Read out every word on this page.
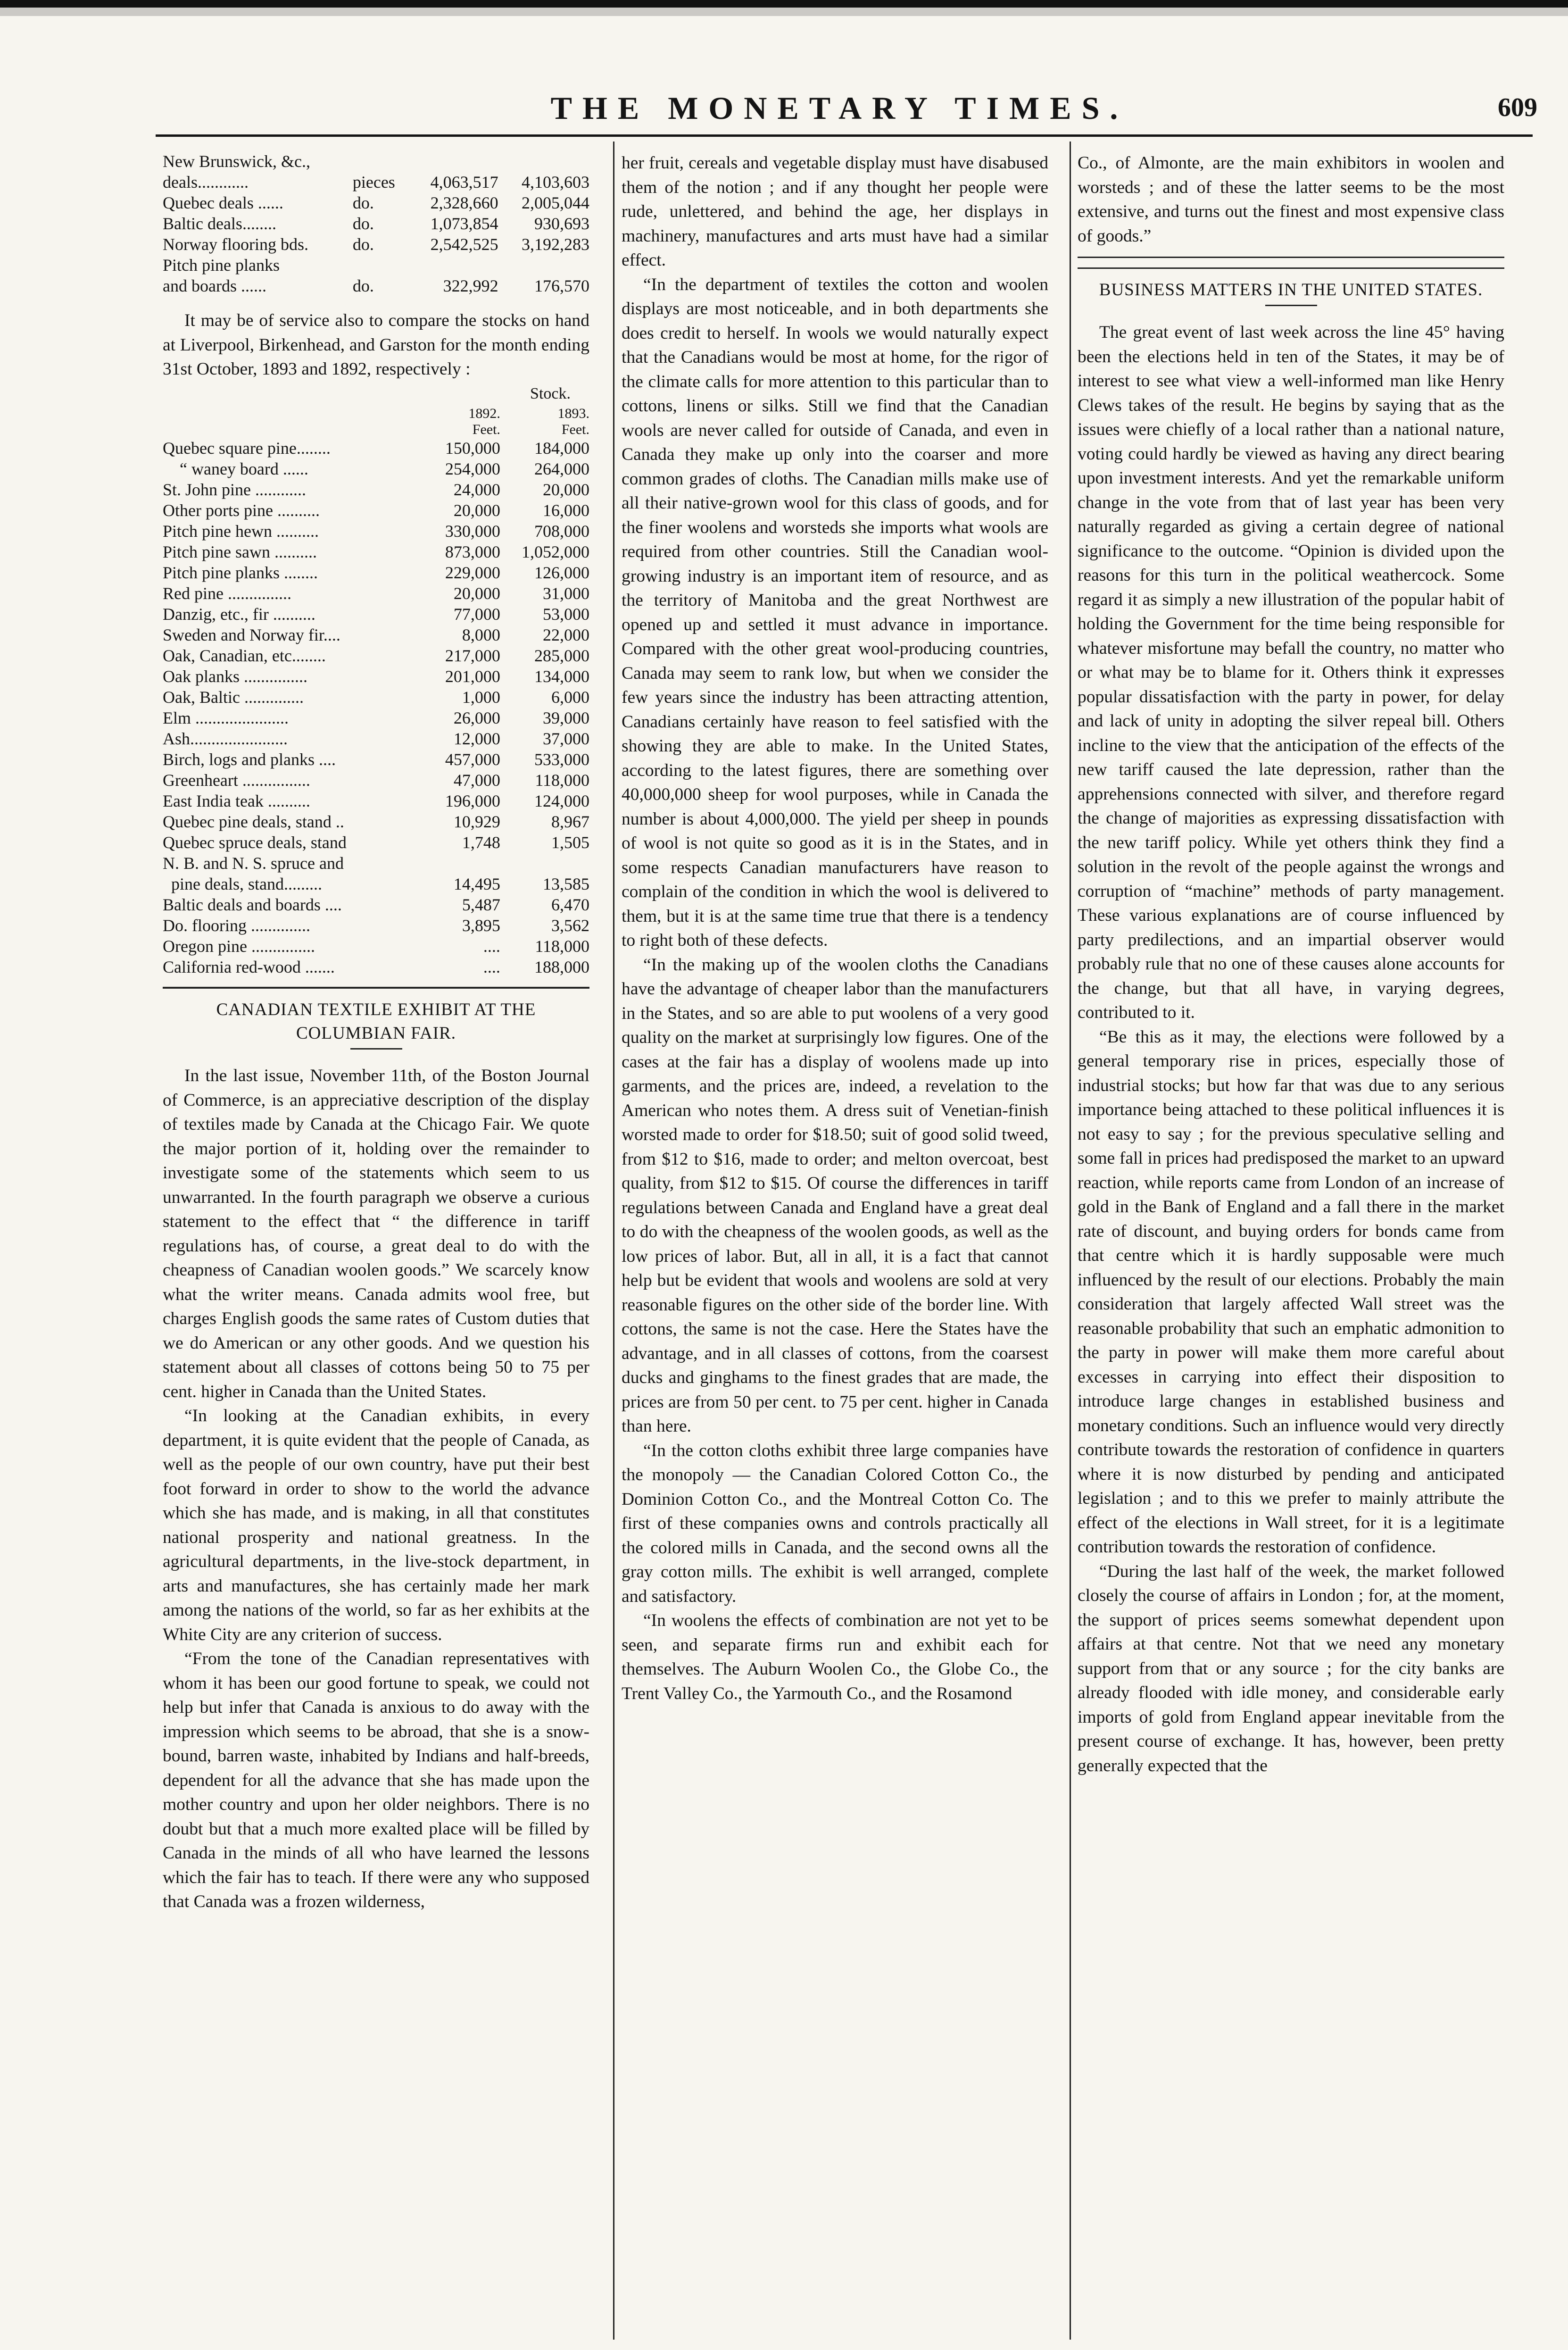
THE MONETARY TIMES.	609
New Brunswick, &c.,			
deals............	pieces	4,063,517	4,103,603
Quebec deals ......	do.	2,328,660	2,005,044
Baltic deals........	do.	1,073,854	930,693
Norway flooring bds.	do.	2,542,525	3,192,283
Pitch pine planks			
and boards ......	do.	322,992	176,570

It may be of service also to compare the stocks on hand at Liverpool, Birkenhead, and Garston for the month ending 31st October, 1893 and 1892, respectively :

Stock.
	1892.	1893.
	Feet.	Feet.
Quebec square pine........	150,000	184,000
“ waney board ......	254,000	264,000
St. John pine ............	24,000	20,000
Other ports pine ..........	20,000	16,000
Pitch pine hewn ..........	330,000	708,000
Pitch pine sawn ..........	873,000	1,052,000
Pitch pine planks ........	229,000	126,000
Red pine ...............	20,000	31,000
Danzig, etc., fir ..........	77,000	53,000
Sweden and Norway fir....	8,000	22,000
Oak, Canadian, etc........	217,000	285,000
Oak planks ...............	201,000	134,000
Oak, Baltic ..............	1,000	6,000
Elm ......................	26,000	39,000
Ash.......................	12,000	37,000
Birch, logs and planks ....	457,000	533,000
Greenheart ................	47,000	118,000
East India teak ..........	196,000	124,000
Quebec pine deals, stand ..	10,929	8,967
Quebec spruce deals, stand	1,748	1,505
N. B. and N. S. spruce and		
pine deals, stand.........	14,495	13,585
Baltic deals and boards ....	5,487	6,470
Do. flooring ..............	3,895	3,562
Oregon pine ...............	....	118,000
California red-wood .......	....	188,000
CANADIAN TEXTILE EXHIBIT AT THE COLUMBIAN FAIR.

In the last issue, November 11th, of the Boston Journal of Commerce, is an appreciative description of the display of textiles made by Canada at the Chicago Fair. We quote the major portion of it, holding over the remainder to investigate some of the statements which seem to us unwarranted. In the fourth paragraph we observe a curious statement to the effect that “ the difference in tariff regulations has, of course, a great deal to do with the cheapness of Canadian woolen goods.” We scarcely know what the writer means. Canada admits wool free, but charges English goods the same rates of Custom duties that we do American or any other goods. And we question his statement about all classes of cottons being 50 to 75 per cent. higher in Canada than the United States.

“In looking at the Canadian exhibits, in every department, it is quite evident that the people of Canada, as well as the people of our own country, have put their best foot forward in order to show to the world the advance which she has made, and is making, in all that constitutes national prosperity and national greatness. In the agricultural departments, in the live-stock department, in arts and manufactures, she has certainly made her mark among the nations of the world, so far as her exhibits at the White City are any criterion of success.

“From the tone of the Canadian representatives with whom it has been our good fortune to speak, we could not help but infer that Canada is anxious to do away with the impression which seems to be abroad, that she is a snow-bound, barren waste, inhabited by Indians and half-breeds, dependent for all the advance that she has made upon the mother country and upon her older neighbors. There is no doubt but that a much more exalted place will be filled by Canada in the minds of all who have learned the lessons which the fair has to teach. If there were any who supposed that Canada was a frozen wilderness,

her fruit, cereals and vegetable display must have disabused them of the notion ; and if any thought her people were rude, unlettered, and behind the age, her displays in machinery, manufactures and arts must have had a similar effect.

“In the department of textiles the cotton and woolen displays are most noticeable, and in both departments she does credit to herself. In wools we would naturally expect that the Canadians would be most at home, for the rigor of the climate calls for more attention to this particular than to cottons, linens or silks. Still we find that the Canadian wools are never called for outside of Canada, and even in Canada they make up only into the coarser and more common grades of cloths. The Canadian mills make use of all their native-grown wool for this class of goods, and for the finer woolens and worsteds she imports what wools are required from other countries. Still the Canadian wool-growing industry is an important item of resource, and as the territory of Manitoba and the great Northwest are opened up and settled it must advance in importance. Compared with the other great wool-producing countries, Canada may seem to rank low, but when we consider the few years since the industry has been attracting attention, Canadians certainly have reason to feel satisfied with the showing they are able to make. In the United States, according to the latest figures, there are something over 40,000,000 sheep for wool purposes, while in Canada the number is about 4,000,000. The yield per sheep in pounds of wool is not quite so good as it is in the States, and in some respects Canadian manufacturers have reason to complain of the condition in which the wool is delivered to them, but it is at the same time true that there is a tendency to right both of these defects.

“In the making up of the woolen cloths the Canadians have the advantage of cheaper labor than the manufacturers in the States, and so are able to put woolens of a very good quality on the market at surprisingly low figures. One of the cases at the fair has a display of woolens made up into garments, and the prices are, indeed, a revelation to the American who notes them. A dress suit of Venetian-finish worsted made to order for $18.50; suit of good solid tweed, from $12 to $16, made to order; and melton overcoat, best quality, from $12 to $15. Of course the differences in tariff regulations between Canada and England have a great deal to do with the cheapness of the woolen goods, as well as the low prices of labor. But, all in all, it is a fact that cannot help but be evident that wools and woolens are sold at very reasonable figures on the other side of the border line. With cottons, the same is not the case. Here the States have the advantage, and in all classes of cottons, from the coarsest ducks and ginghams to the finest grades that are made, the prices are from 50 per cent. to 75 per cent. higher in Canada than here.

“In the cotton cloths exhibit three large companies have the monopoly — the Canadian Colored Cotton Co., the Dominion Cotton Co., and the Montreal Cotton Co. The first of these companies owns and controls practically all the colored mills in Canada, and the second owns all the gray cotton mills. The exhibit is well arranged, complete and satisfactory.

“In woolens the effects of combination are not yet to be seen, and separate firms run and exhibit each for themselves. The Auburn Woolen Co., the Globe Co., the Trent Valley Co., the Yarmouth Co., and the Rosamond

Co., of Almonte, are the main exhibitors in woolen and worsteds ; and of these the latter seems to be the most extensive, and turns out the finest and most expensive class of goods.”

BUSINESS MATTERS IN THE UNITED STATES.

The great event of last week across the line 45° having been the elections held in ten of the States, it may be of interest to see what view a well-informed man like Henry Clews takes of the result. He begins by saying that as the issues were chiefly of a local rather than a national nature, voting could hardly be viewed as having any direct bearing upon investment interests. And yet the remarkable uniform change in the vote from that of last year has been very naturally regarded as giving a certain degree of national significance to the outcome. “Opinion is divided upon the reasons for this turn in the political weathercock. Some regard it as simply a new illustration of the popular habit of holding the Government for the time being responsible for whatever misfortune may befall the country, no matter who or what may be to blame for it. Others think it expresses popular dissatisfaction with the party in power, for delay and lack of unity in adopting the silver repeal bill. Others incline to the view that the anticipation of the effects of the new tariff caused the late depression, rather than the apprehensions connected with silver, and therefore regard the change of majorities as expressing dissatisfaction with the new tariff policy. While yet others think they find a solution in the revolt of the people against the wrongs and corruption of “machine” methods of party management. These various explanations are of course influenced by party predilections, and an impartial observer would probably rule that no one of these causes alone accounts for the change, but that all have, in varying degrees, contributed to it.

“Be this as it may, the elections were followed by a general temporary rise in prices, especially those of industrial stocks; but how far that was due to any serious importance being attached to these political influences it is not easy to say ; for the previous speculative selling and some fall in prices had predisposed the market to an upward reaction, while reports came from London of an increase of gold in the Bank of England and a fall there in the market rate of discount, and buying orders for bonds came from that centre which it is hardly supposable were much influenced by the result of our elections. Probably the main consideration that largely affected Wall street was the reasonable probability that such an emphatic admonition to the party in power will make them more careful about excesses in carrying into effect their disposition to introduce large changes in established business and monetary conditions. Such an influence would very directly contribute towards the restoration of confidence in quarters where it is now disturbed by pending and anticipated legislation ; and to this we prefer to mainly attribute the effect of the elections in Wall street, for it is a legitimate contribution towards the restoration of confidence.

“During the last half of the week, the market followed closely the course of affairs in London ; for, at the moment, the support of prices seems somewhat dependent upon affairs at that centre. Not that we need any monetary support from that or any source ; for the city banks are already flooded with idle money, and considerable early imports of gold from England appear inevitable from the present course of exchange. It has, however, been pretty generally expected that the
